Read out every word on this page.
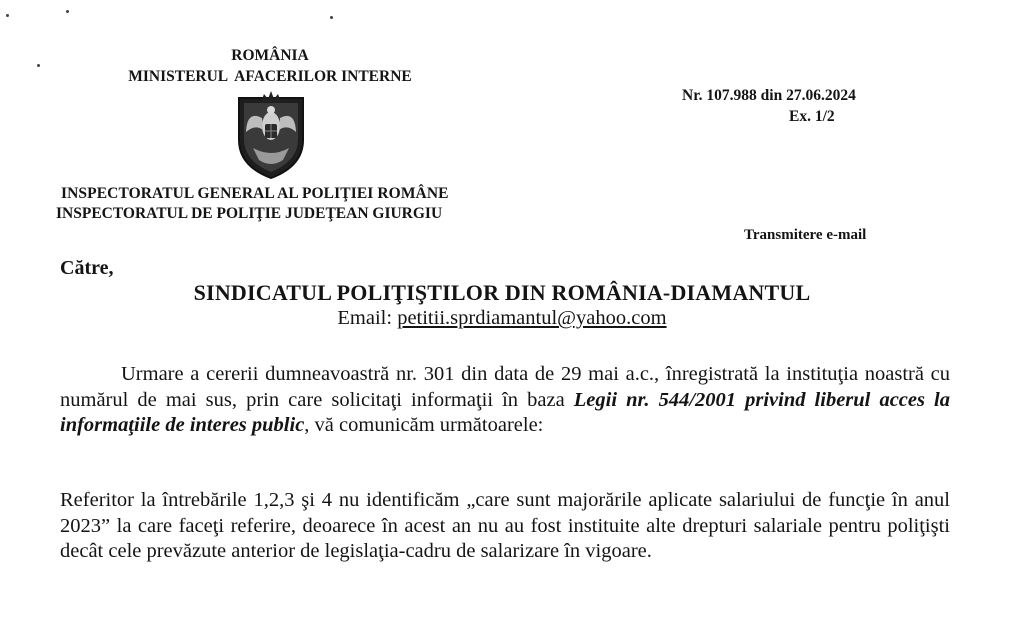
ROMÂNIA
MINISTERUL  AFACERILOR INTERNE
INSPECTORATUL GENERAL AL POLIŢIEI ROMÂNE
INSPECTORATUL DE POLIŢIE JUDEŢEAN GIURGIU
Nr. 107.988 din 27.06.2024
Ex. 1/2
Transmitere e-mail
Către,
SINDICATUL POLIŢIŞTILOR DIN ROMÂNIA-DIAMANTUL
Email: petitii.sprdiamantul@yahoo.com
Urmare a cererii dumneavoastră nr. 301 din data de 29 mai a.c., înregistrată la instituţia noastră cu numărul de mai sus, prin care solicitaţi informaţii în baza Legii nr. 544/2001 privind liberul acces la informaţiile de interes public, vă comunicăm următoarele:
Referitor la întrebările 1,2,3 şi 4 nu identificăm „care sunt majorările aplicate salariului de funcţie în anul 2023” la care faceţi referire, deoarece în acest an nu au fost instituite alte drepturi salariale pentru poliţişti decât cele prevăzute anterior de legislaţia-cadru de salarizare în vigoare.
